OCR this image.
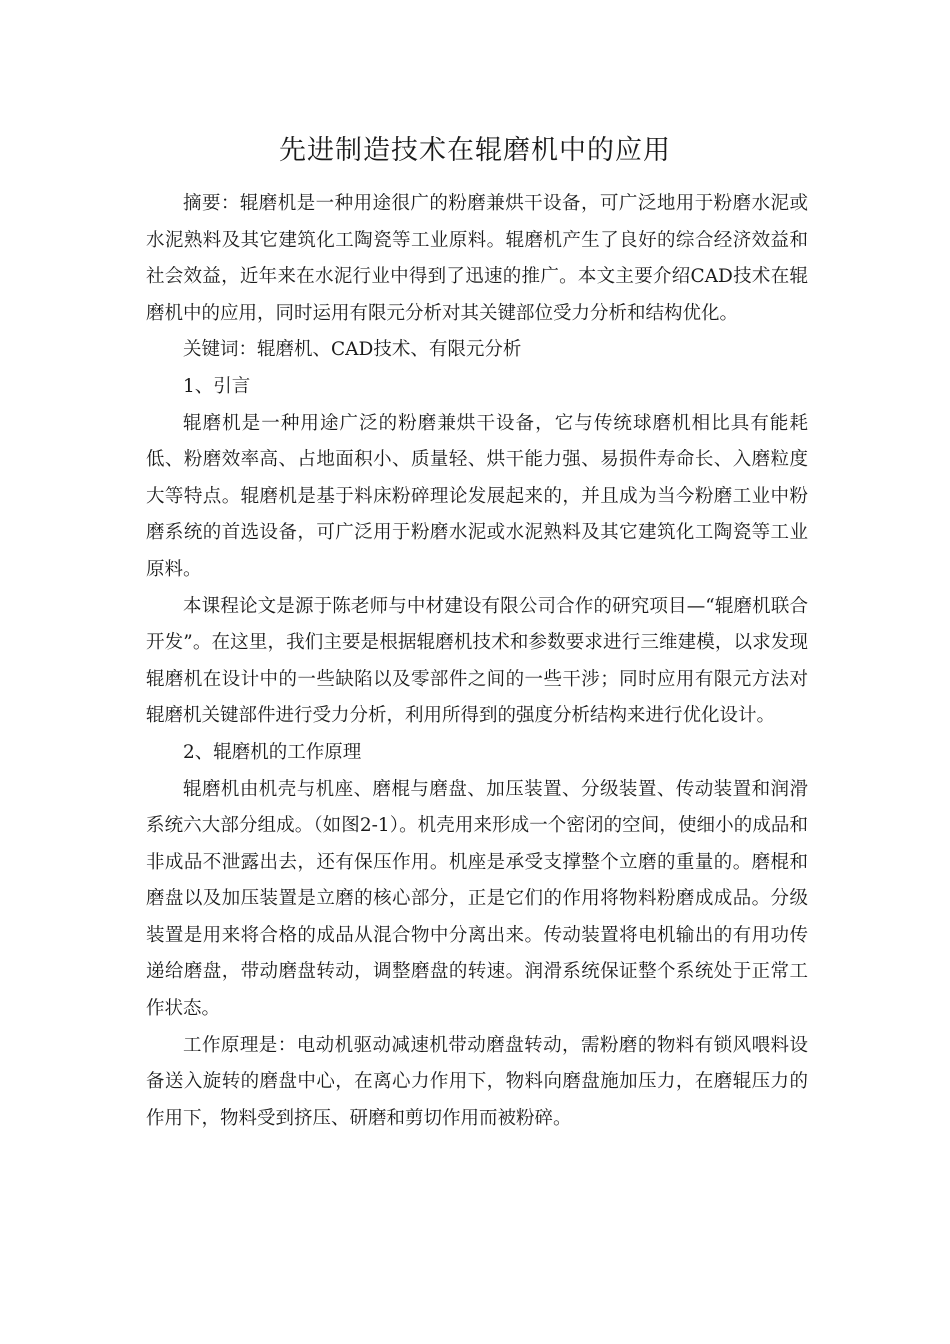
先进制造技术在辊磨机中的应用

摘要：辊磨机是一种用途很广的粉磨兼烘干设备，可广泛地用于粉磨水泥或水泥熟料及其它建筑化工陶瓷等工业原料。辊磨机产生了良好的综合经济效益和社会效益，近年来在水泥行业中得到了迅速的推广。本文主要介绍CAD技术在辊磨机中的应用，同时运用有限元分析对其关键部位受力分析和结构优化。

关键词：辊磨机、CAD技术、有限元分析

1、引言

辊磨机是一种用途广泛的粉磨兼烘干设备，它与传统球磨机相比具有能耗低、粉磨效率高、占地面积小、质量轻、烘干能力强、易损件寿命长、入磨粒度大等特点。辊磨机是基于料床粉碎理论发展起来的，并且成为当今粉磨工业中粉磨系统的首选设备，可广泛用于粉磨水泥或水泥熟料及其它建筑化工陶瓷等工业原料。

本课程论文是源于陈老师与中材建设有限公司合作的研究项目—“辊磨机联合开发”。在这里，我们主要是根据辊磨机技术和参数要求进行三维建模，以求发现辊磨机在设计中的一些缺陷以及零部件之间的一些干涉；同时应用有限元方法对辊磨机关键部件进行受力分析，利用所得到的强度分析结构来进行优化设计。

2、辊磨机的工作原理

辊磨机由机壳与机座、磨棍与磨盘、加压装置、分级装置、传动装置和润滑系统六大部分组成。（如图2-1）。机壳用来形成一个密闭的空间，使细小的成品和非成品不泄露出去，还有保压作用。机座是承受支撑整个立磨的重量的。磨棍和磨盘以及加压装置是立磨的核心部分，正是它们的作用将物料粉磨成成品。分级装置是用来将合格的成品从混合物中分离出来。传动装置将电机输出的有用功传递给磨盘，带动磨盘转动，调整磨盘的转速。润滑系统保证整个系统处于正常工作状态。

工作原理是：电动机驱动减速机带动磨盘转动，需粉磨的物料有锁风喂料设备送入旋转的磨盘中心，在离心力作用下，物料向磨盘施加压力，在磨辊压力的作用下，物料受到挤压、研磨和剪切作用而被粉碎。
